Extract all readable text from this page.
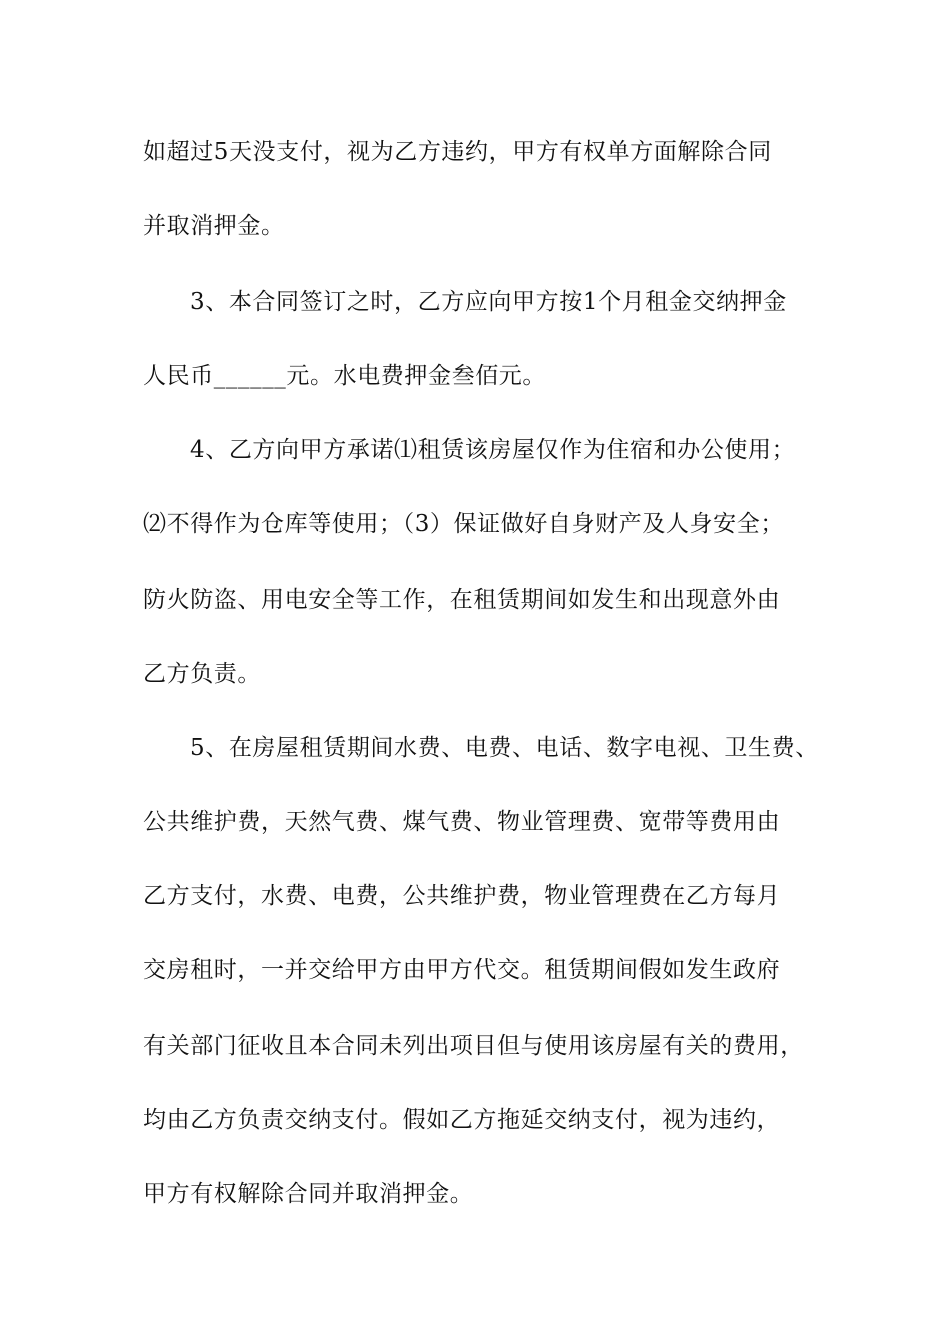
如超过5天没支付，视为乙方违约，甲方有权单方面解除合同
并取消押金。
3、本合同签订之时，乙方应向甲方按1个月租金交纳押金
人民币______元。水电费押金叁佰元。
4、乙方向甲方承诺⑴租赁该房屋仅作为住宿和办公使用；
⑵不得作为仓库等使用；（3）保证做好自身财产及人身安全；
防火防盗、用电安全等工作，在租赁期间如发生和出现意外由
乙方负责。
5、在房屋租赁期间水费、电费、电话、数字电视、卫生费、
公共维护费，天然气费、煤气费、物业管理费、宽带等费用由
乙方支付，水费、电费，公共维护费，物业管理费在乙方每月
交房租时，一并交给甲方由甲方代交。租赁期间假如发生政府
有关部门征收且本合同未列出项目但与使用该房屋有关的费用，
均由乙方负责交纳支付。假如乙方拖延交纳支付，视为违约，
甲方有权解除合同并取消押金。
